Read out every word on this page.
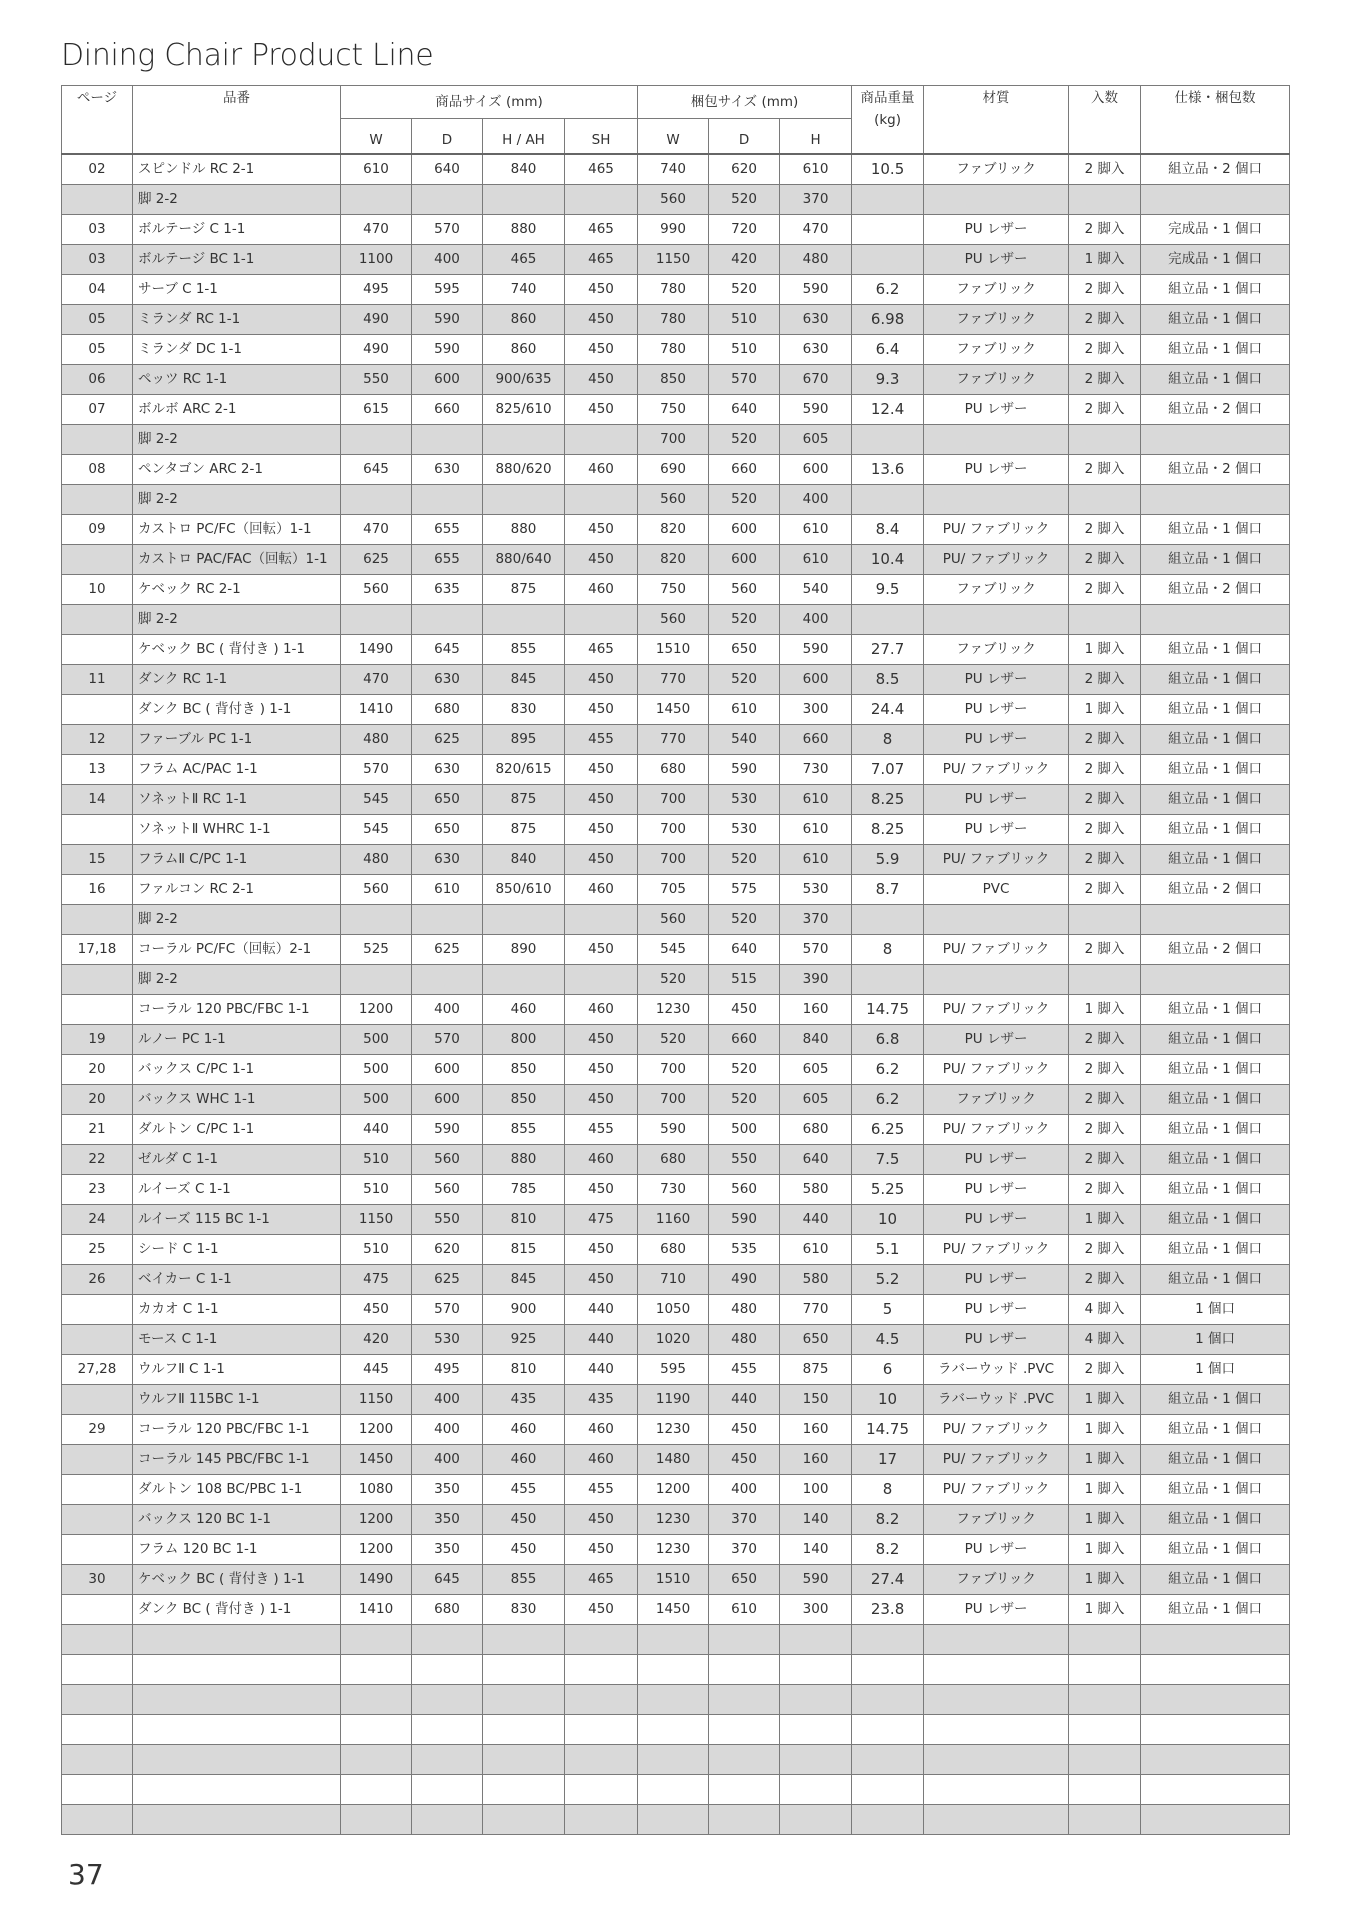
Dining Chair Product Line
ページ	品番	商品サイズ (mm)				梱包サイズ (mm)			商品重量
(kg)	材質	入数	仕様・梱包数
		W	D	H / AH	SH	W	D	H				
02	スピンドル RC 2-1	610	640	840	465	740	620	610	10.5	ファブリック	2 脚入	組立品・2 個口
	脚 2-2					560	520	370				
03	ボルテージ C 1-1	470	570	880	465	990	720	470		PU レザー	2 脚入	完成品・1 個口
03	ボルテージ BC 1-1	1100	400	465	465	1150	420	480		PU レザー	1 脚入	完成品・1 個口
04	サーブ C 1-1	495	595	740	450	780	520	590	6.2	ファブリック	2 脚入	組立品・1 個口
05	ミランダ RC 1-1	490	590	860	450	780	510	630	6.98	ファブリック	2 脚入	組立品・1 個口
05	ミランダ DC 1-1	490	590	860	450	780	510	630	6.4	ファブリック	2 脚入	組立品・1 個口
06	ペッツ RC 1-1	550	600	900/635	450	850	570	670	9.3	ファブリック	2 脚入	組立品・1 個口
07	ボルボ ARC 2-1	615	660	825/610	450	750	640	590	12.4	PU レザー	2 脚入	組立品・2 個口
	脚 2-2					700	520	605				
08	ペンタゴン ARC 2-1	645	630	880/620	460	690	660	600	13.6	PU レザー	2 脚入	組立品・2 個口
	脚 2-2					560	520	400				
09	カストロ PC/FC（回転）1-1	470	655	880	450	820	600	610	8.4	PU/ ファブリック	2 脚入	組立品・1 個口
	カストロ PAC/FAC（回転）1-1	625	655	880/640	450	820	600	610	10.4	PU/ ファブリック	2 脚入	組立品・1 個口
10	ケベック RC 2-1	560	635	875	460	750	560	540	9.5	ファブリック	2 脚入	組立品・2 個口
	脚 2-2					560	520	400				
	ケベック BC ( 背付き ) 1-1	1490	645	855	465	1510	650	590	27.7	ファブリック	1 脚入	組立品・1 個口
11	ダンク RC 1-1	470	630	845	450	770	520	600	8.5	PU レザー	2 脚入	組立品・1 個口
	ダンク BC ( 背付き ) 1-1	1410	680	830	450	1450	610	300	24.4	PU レザー	1 脚入	組立品・1 個口
12	ファーブル PC 1-1	480	625	895	455	770	540	660	8	PU レザー	2 脚入	組立品・1 個口
13	フラム AC/PAC 1-1	570	630	820/615	450	680	590	730	7.07	PU/ ファブリック	2 脚入	組立品・1 個口
14	ソネットⅡ RC 1-1	545	650	875	450	700	530	610	8.25	PU レザー	2 脚入	組立品・1 個口
	ソネットⅡ WHRC 1-1	545	650	875	450	700	530	610	8.25	PU レザー	2 脚入	組立品・1 個口
15	フラムⅡ C/PC 1-1	480	630	840	450	700	520	610	5.9	PU/ ファブリック	2 脚入	組立品・1 個口
16	ファルコン RC 2-1	560	610	850/610	460	705	575	530	8.7	PVC	2 脚入	組立品・2 個口
	脚 2-2					560	520	370				
17,18	コーラル PC/FC（回転）2-1	525	625	890	450	545	640	570	8	PU/ ファブリック	2 脚入	組立品・2 個口
	脚 2-2					520	515	390				
	コーラル 120 PBC/FBC 1-1	1200	400	460	460	1230	450	160	14.75	PU/ ファブリック	1 脚入	組立品・1 個口
19	ルノー PC 1-1	500	570	800	450	520	660	840	6.8	PU レザー	2 脚入	組立品・1 個口
20	バックス C/PC 1-1	500	600	850	450	700	520	605	6.2	PU/ ファブリック	2 脚入	組立品・1 個口
20	バックス WHC 1-1	500	600	850	450	700	520	605	6.2	ファブリック	2 脚入	組立品・1 個口
21	ダルトン C/PC 1-1	440	590	855	455	590	500	680	6.25	PU/ ファブリック	2 脚入	組立品・1 個口
22	ゼルダ C 1-1	510	560	880	460	680	550	640	7.5	PU レザー	2 脚入	組立品・1 個口
23	ルイーズ C 1-1	510	560	785	450	730	560	580	5.25	PU レザー	2 脚入	組立品・1 個口
24	ルイーズ 115 BC 1-1	1150	550	810	475	1160	590	440	10	PU レザー	1 脚入	組立品・1 個口
25	シード C 1-1	510	620	815	450	680	535	610	5.1	PU/ ファブリック	2 脚入	組立品・1 個口
26	ベイカー C 1-1	475	625	845	450	710	490	580	5.2	PU レザー	2 脚入	組立品・1 個口
	カカオ C 1-1	450	570	900	440	1050	480	770	5	PU レザー	4 脚入	1 個口
	モース C 1-1	420	530	925	440	1020	480	650	4.5	PU レザー	4 脚入	1 個口
27,28	ウルフⅡ C 1-1	445	495	810	440	595	455	875	6	ラバーウッド .PVC	2 脚入	1 個口
	ウルフⅡ 115BC 1-1	1150	400	435	435	1190	440	150	10	ラバーウッド .PVC	1 脚入	組立品・1 個口
29	コーラル 120 PBC/FBC 1-1	1200	400	460	460	1230	450	160	14.75	PU/ ファブリック	1 脚入	組立品・1 個口
	コーラル 145 PBC/FBC 1-1	1450	400	460	460	1480	450	160	17	PU/ ファブリック	1 脚入	組立品・1 個口
	ダルトン 108 BC/PBC 1-1	1080	350	455	455	1200	400	100	8	PU/ ファブリック	1 脚入	組立品・1 個口
	バックス 120 BC 1-1	1200	350	450	450	1230	370	140	8.2	ファブリック	1 脚入	組立品・1 個口
	フラム 120 BC 1-1	1200	350	450	450	1230	370	140	8.2	PU レザー	1 脚入	組立品・1 個口
30	ケベック BC ( 背付き ) 1-1	1490	645	855	465	1510	650	590	27.4	ファブリック	1 脚入	組立品・1 個口
	ダンク BC ( 背付き ) 1-1	1410	680	830	450	1450	610	300	23.8	PU レザー	1 脚入	組立品・1 個口

37
